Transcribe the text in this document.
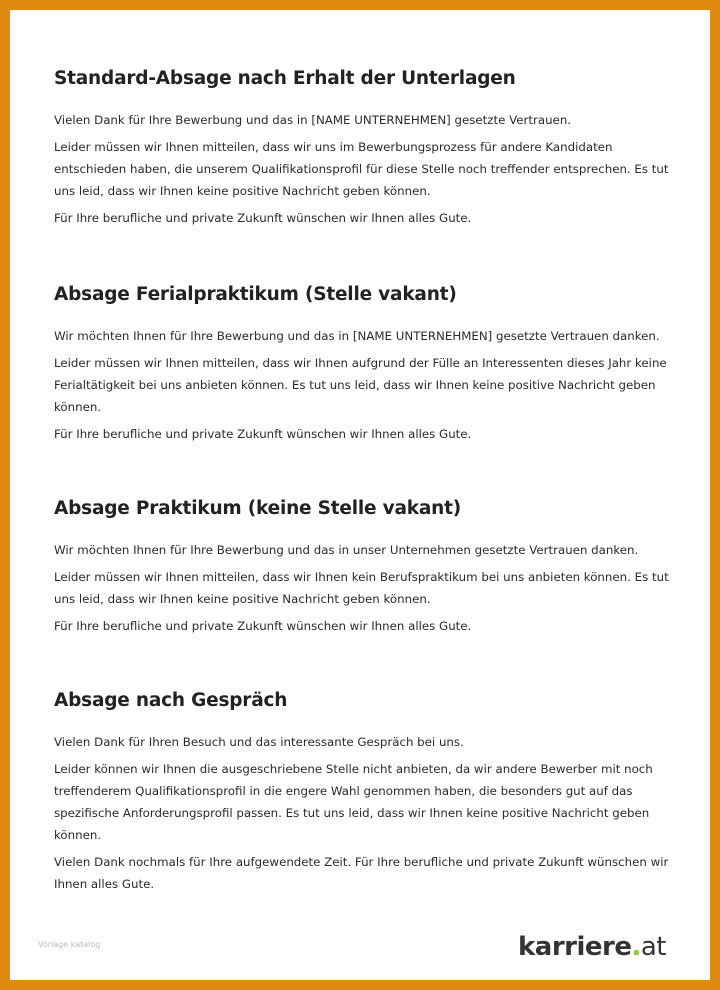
Standard-Absage nach Erhalt der Unterlagen

Vielen Dank für Ihre Bewerbung und das in [NAME UNTERNEHMEN] gesetzte Vertrauen.

Leider müssen wir Ihnen mitteilen, dass wir uns im Bewerbungsprozess für andere Kandidaten entschieden haben, die unserem Qualifikationsprofil für diese Stelle noch treffender entsprechen. Es tut uns leid, dass wir Ihnen keine positive Nachricht geben können.

Für Ihre berufliche und private Zukunft wünschen wir Ihnen alles Gute.

Absage Ferialpraktikum (Stelle vakant)

Wir möchten Ihnen für Ihre Bewerbung und das in [NAME UNTERNEHMEN] gesetzte Vertrauen danken.

Leider müssen wir Ihnen mitteilen, dass wir Ihnen aufgrund der Fülle an Interessenten dieses Jahr keine Ferialtätigkeit bei uns anbieten können. Es tut uns leid, dass wir Ihnen keine positive Nachricht geben können.

Für Ihre berufliche und private Zukunft wünschen wir Ihnen alles Gute.

Absage Praktikum (keine Stelle vakant)

Wir möchten Ihnen für Ihre Bewerbung und das in unser Unternehmen gesetzte Vertrauen danken.

Leider müssen wir Ihnen mitteilen, dass wir Ihnen kein Berufspraktikum bei uns anbieten können. Es tut uns leid, dass wir Ihnen keine positive Nachricht geben können.

Für Ihre berufliche und private Zukunft wünschen wir Ihnen alles Gute.

Absage nach Gespräch

Vielen Dank für Ihren Besuch und das interessante Gespräch bei uns.

Leider können wir Ihnen die ausgeschriebene Stelle nicht anbieten, da wir andere Bewerber mit noch treffenderem Qualifikationsprofil in die engere Wahl genommen haben, die besonders gut auf das spezifische Anforderungsprofil passen. Es tut uns leid, dass wir Ihnen keine positive Nachricht geben können.

Vielen Dank nochmals für Ihre aufgewendete Zeit. Für Ihre berufliche und private Zukunft wünschen wir Ihnen alles Gute.

Vorlage katalog	karriere.at
